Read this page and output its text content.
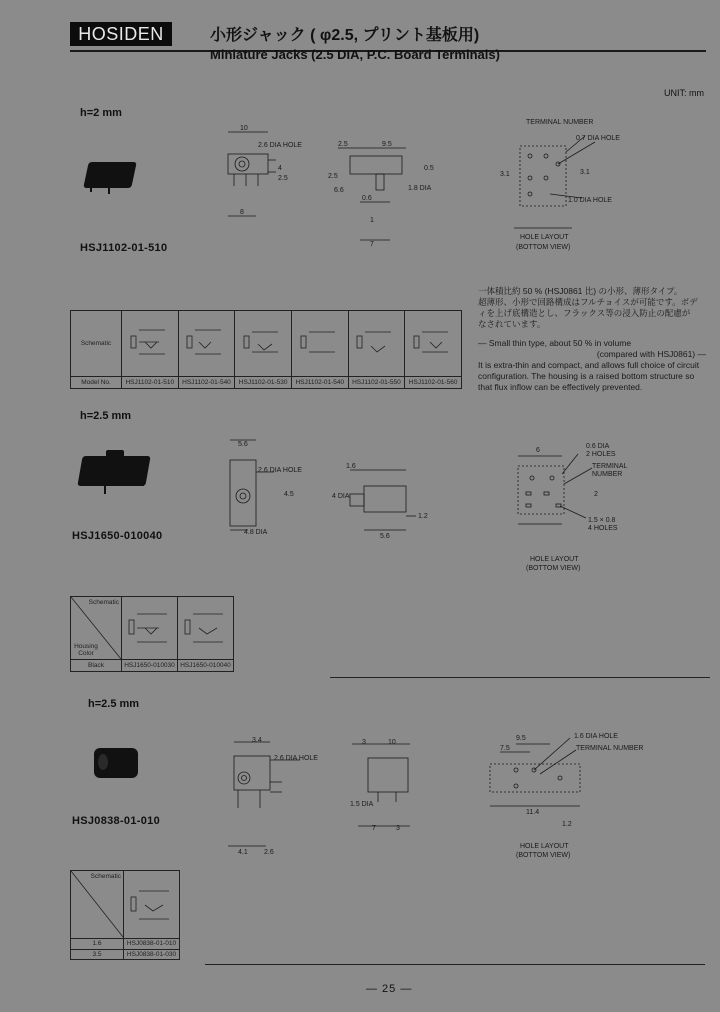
HOSIDEN	小形ジャック ( φ2.5, プリント基板用)
Miniature Jacks (2.5 DIA, P.C. Board Terminals)
UNIT: mm
h=2 mm
HSJ1102-01-510
10
2.6 DIA HOLE
4
2.5
8
2.5	9.5
0.5
0.6
2.5
7
1.8 DIA
6.6
1
TERMINAL NUMBER
0.7 DIA HOLE
1.0 DIA HOLE
3.1	3.1
HOLE LAYOUT
(BOTTOM VIEW)
Schematic						
Model No.	HSJ1102-01-510	HSJ1102-01-540	HSJ1102-01-530	HSJ1102-01-540	HSJ1102-01-550	HSJ1102-01-560
一体積比約 50 % (HSJ0861 比) の小形、薄形タイプ。
超薄形、小形で回路構成はフルチョイスが可能です。ボデ
ィを上げ底構造とし、フラックス等の浸入防止の配慮が
なされています。
— Small thin type, about 50 % in volume
(compared with HSJ0861) —
It is extra-thin and compact, and allows full choice of circuit
configuration. The housing is a raised bottom structure so
that flux inflow can be effectively prevented.
h=2.5 mm
HSJ1650-010040
5.6
2.6 DIA HOLE
4.5
4.8 DIA
4 DIA
1.6
5.6
1.2
0.6 DIA
2 HOLES
TERMINAL
NUMBER
1.5 × 0.8
4 HOLES
6
2
HOLE LAYOUT
(BOTTOM VIEW)
Schematic
Housing Color

Black	HSJ1650-010030	HSJ1650-010040
h=2.5 mm
HSJ0838-01-010
3.4
2.6 DIA HOLE
4.1 2.6
3	10
1.5 DIA
7	3
9.5
7.5
1.6 DIA HOLE
TERMINAL NUMBER
11.4
1.2
HOLE LAYOUT
(BOTTOM VIEW)
Schematic

1.6	HSJ0838-01-010
3.5	HSJ0838-01-030
— 25 —
